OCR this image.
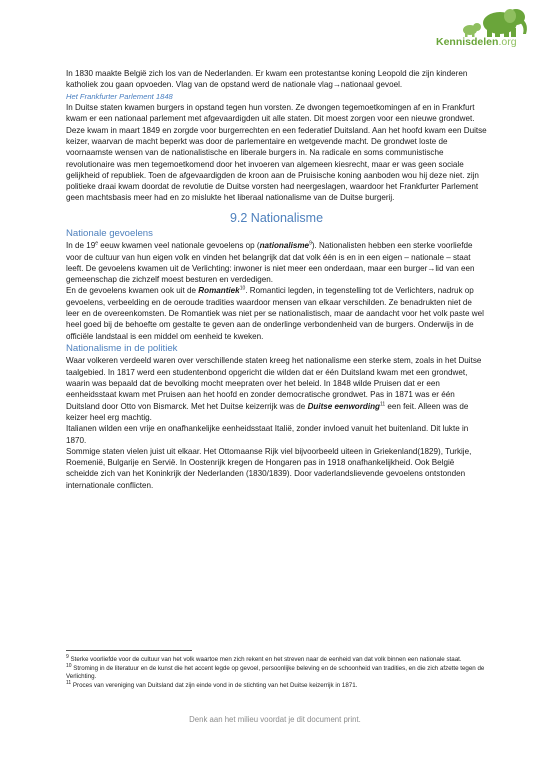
Kennisdelen.org

In 1830 maakte België zich los van de Nederlanden. Er kwam een protestantse koning Leopold die zijn kinderen katholiek zou gaan opvoeden. Vlag van de opstand werd de nationale vlag→nationaal gevoel.

Het Frankfurter Parlement 1848

In Duitse staten kwamen burgers in opstand tegen hun vorsten. Ze dwongen tegemoetkomingen af en in Frankfurt kwam er een nationaal parlement met afgevaardigden uit alle staten. Dit moest zorgen voor een nieuwe grondwet. Deze kwam in maart 1849 en zorgde voor burgerrechten en een federatief Duitsland. Aan het hoofd kwam een Duitse keizer, waarvan de macht beperkt was door de parlementaire en wetgevende macht. De grondwet loste de voornaamste wensen van de nationalistische en liberale burgers in. Na radicale en soms communistische revolutionaire was men tegemoetkomend door het invoeren van algemeen kiesrecht, maar er was geen sociale gelijkheid of republiek. Toen de afgevaardigden de kroon aan de Pruisische koning aanboden wou hij deze niet. zijn politieke draai kwam doordat de revolutie de Duitse vorsten had neergeslagen, waardoor het Frankfurter Parlement geen machtsbasis meer had en zo mislukte het liberaal nationalisme van de Duitse burgerij.

9.2 Nationalisme
Nationale gevoelens

In de 19e eeuw kwamen veel nationale gevoelens op (nationalisme$^9$). Nationalisten hebben een sterke voorliefde voor de cultuur van hun eigen volk en vinden het belangrijk dat dat volk één is en in een eigen – nationale – staat leeft. De gevoelens kwamen uit de Verlichting: inwoner is niet meer een onderdaan, maar een burger→lid van een gemeenschap die zichzelf moest besturen en verdedigen.

En de gevoelens kwamen ook uit de Romantiek$^{10}$. Romantici legden, in tegenstelling tot de Verlichters, nadruk op gevoelens, verbeelding en de oeroude tradities waardoor mensen van elkaar verschilden. Ze benadrukten niet de leer en de overeenkomsten. De Romantiek was niet per se nationalistisch, maar de aandacht voor het volk paste wel heel goed bij de behoefte om gestalte te geven aan de onderlinge verbondenheid van de burgers. Onderwijs in de officiële landstaal is een middel om eenheid te kweken.

Nationalisme in de politiek

Waar volkeren verdeeld waren over verschillende staten kreeg het nationalisme een sterke stem, zoals in het Duitse taalgebied. In 1817 werd een studentenbond opgericht die wilden dat er één Duitsland kwam met een grondwet, waarin was bepaald dat de bevolking mocht meepraten over het beleid. In 1848 wilde Pruisen dat er een eenheidsstaat kwam met Pruisen aan het hoofd en zonder democratische grondwet. Pas in 1871 was er één Duitsland door Otto von Bismarck. Met het Duitse keizerrijk was de Duitse eenwording$^{11}$ een feit. Alleen was de keizer heel erg machtig.

Italianen wilden een vrije en onafhankelijke eenheidsstaat Italië, zonder invloed vanuit het buitenland. Dit lukte in 1870.

Sommige staten vielen juist uit elkaar. Het Ottomaanse Rijk viel bijvoorbeeld uiteen in Griekenland(1829), Turkije, Roemenië, Bulgarije en Servië. In Oostenrijk kregen de Hongaren pas in 1918 onafhankelijkheid. Ook België scheidde zich van het Koninkrijk der Nederlanden (1830/1839). Door vaderlandslievende gevoelens ontstonden internationale conflicten.

$^9$ Sterke voorliefde voor de cultuur van het volk waartoe men zich rekent en het streven naar de eenheid van dat volk binnen een nationale staat.

$^{10}$ Stroming in de literatuur en de kunst die het accent legde op gevoel, persoonlijke beleving en de schoonheid van tradities, en die zich afzette tegen de Verlichting.

$^{11}$ Proces van vereniging van Duitsland dat zijn einde vond in de stichting van het Duitse keizerrijk in 1871.

Denk aan het milieu voordat je dit document print.
